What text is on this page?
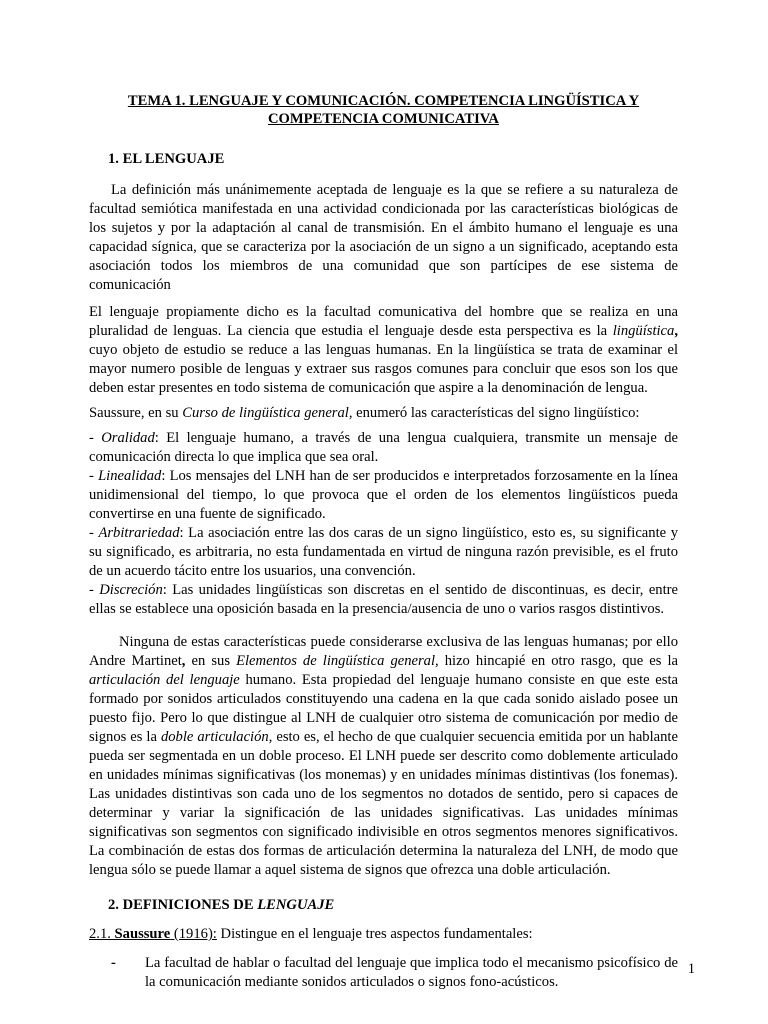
TEMA 1. LENGUAJE Y COMUNICACIÓN. COMPETENCIA LINGÜÍSTICA Y
COMPETENCIA COMUNICATIVA
1. EL LENGUAJE

La definición más unánimemente aceptada de lenguaje es la que se refiere a su naturaleza de facultad semiótica manifestada en una actividad condicionada por las características biológicas de los sujetos y por la adaptación al canal de transmisión. En el ámbito humano el lenguaje es una capacidad sígnica, que se caracteriza por la asociación de un signo a un significado, aceptando esta asociación todos los miembros de una comunidad que son partícipes de ese sistema de comunicación

El lenguaje propiamente dicho es la facultad comunicativa del hombre que se realiza en una pluralidad de lenguas. La ciencia que estudia el lenguaje desde esta perspectiva es la lingüística, cuyo objeto de estudio se reduce a las lenguas humanas. En la lingüística se trata de examinar el mayor numero posible de lenguas y extraer sus rasgos comunes para concluir que esos son los que deben estar presentes en todo sistema de comunicación que aspire a la denominación de lengua.

Saussure, en su Curso de lingüística general, enumeró las características del signo lingüístico:

- Oralidad: El lenguaje humano, a través de una lengua cualquiera, transmite un mensaje de comunicación directa lo que implica que sea oral.

- Linealidad: Los mensajes del LNH han de ser producidos e interpretados forzosamente en la línea unidimensional del tiempo, lo que provoca que el orden de los elementos lingüísticos pueda convertirse en una fuente de significado.

- Arbitrariedad: La asociación entre las dos caras de un signo lingüístico, esto es, su significante y su significado, es arbitraria, no esta fundamentada en virtud de ninguna razón previsible, es el fruto de un acuerdo tácito entre los usuarios, una convención.

- Discreción: Las unidades lingüísticas son discretas en el sentido de discontinuas, es decir, entre ellas se establece una oposición basada en la presencia/ausencia de uno o varios rasgos distintivos.

Ninguna de estas características puede considerarse exclusiva de las lenguas humanas; por ello Andre Martinet, en sus Elementos de lingüística general, hizo hincapié en otro rasgo, que es la articulación del lenguaje humano. Esta propiedad del lenguaje humano consiste en que este esta formado por sonidos articulados constituyendo una cadena en la que cada sonido aislado posee un puesto fijo. Pero lo que distingue al LNH de cualquier otro sistema de comunicación por medio de signos es la doble articulación, esto es, el hecho de que cualquier secuencia emitida por un hablante pueda ser segmentada en un doble proceso. El LNH puede ser descrito como doblemente articulado en unidades mínimas significativas (los monemas) y en unidades mínimas distintivas (los fonemas). Las unidades distintivas son cada uno de los segmentos no dotados de sentido, pero si capaces de determinar y variar la significación de las unidades significativas. Las unidades mínimas significativas son segmentos con significado indivisible en otros segmentos menores significativos. La combinación de estas dos formas de articulación determina la naturaleza del LNH, de modo que lengua sólo se puede llamar a aquel sistema de signos que ofrezca una doble articulación.

2. DEFINICIONES DE LENGUAJE

2.1. Saussure (1916): Distingue en el lenguaje tres aspectos fundamentales:

-	La facultad de hablar o facultad del lenguaje que implica todo el mecanismo psicofísico de la comunicación mediante sonidos articulados o signos fono-acústicos.

1
